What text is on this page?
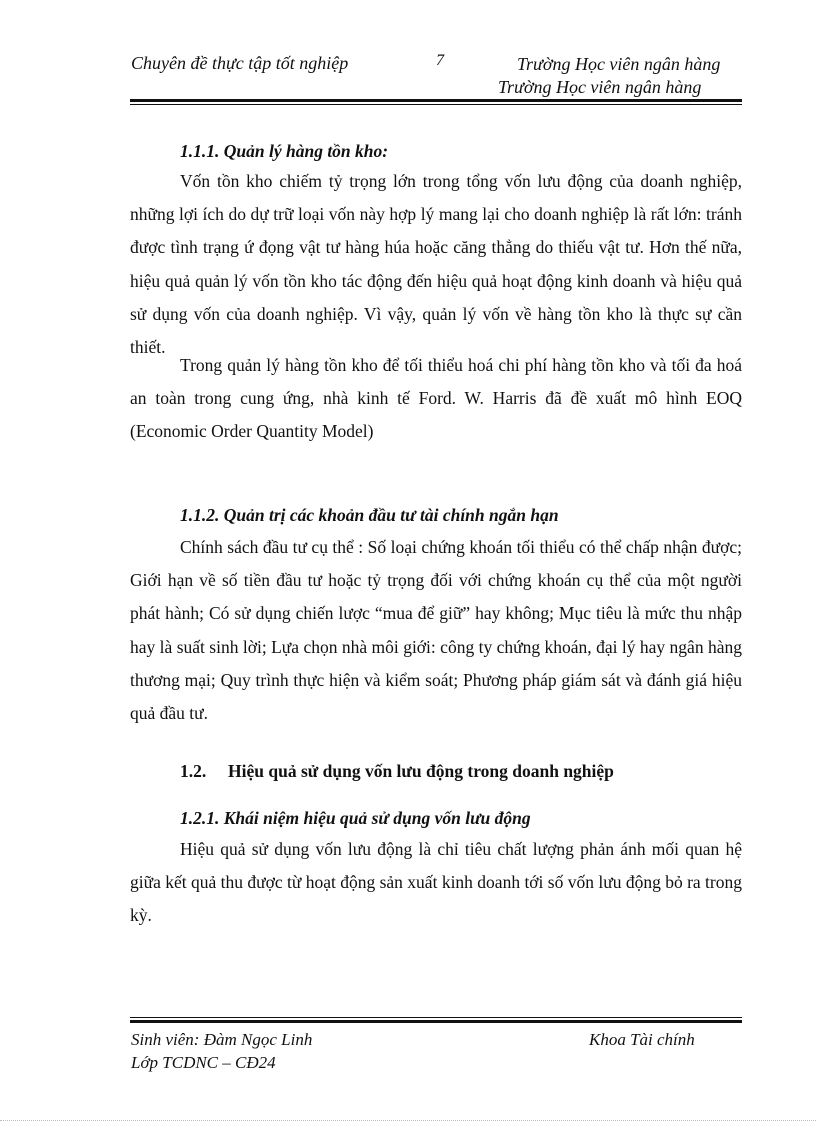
Chuyên đề thực tập tốt nghiệp	7	Trường Học viên ngân hàng
Trường Học viên ngân hàng
1.1.1. Quản lý hàng tồn kho:

Vốn tồn kho chiếm tỷ trọng lớn trong tổng vốn lưu động của doanh nghiệp, những lợi ích do dự trữ loại vốn này hợp lý mang lại cho doanh nghiệp là rất lớn: tránh được tình trạng ứ đọng vật tư hàng húa hoặc căng thẳng do thiếu vật tư. Hơn thế nữa, hiệu quả quản lý vốn tồn kho tác động đến hiệu quả hoạt động kinh doanh và hiệu quả sử dụng vốn của doanh nghiệp. Vì vậy, quản lý vốn về hàng tồn kho là thực sự cần thiết.

Trong quản lý hàng tồn kho để tối thiểu hoá chi phí hàng tồn kho và tối đa hoá an toàn trong cung ứng, nhà kinh tế Ford. W. Harris đã đề xuất mô hình EOQ (Economic Order Quantity Model)

1.1.2. Quản trị các khoản đầu tư tài chính ngắn hạn

Chính sách đầu tư cụ thể : Số loại chứng khoán tối thiểu có thể chấp nhận được; Giới hạn về số tiền đầu tư hoặc tỷ trọng đối với chứng khoán cụ thể của một người phát hành; Có sử dụng chiến lược “mua để giữ” hay không; Mục tiêu là mức thu nhập hay là suất sinh lời; Lựa chọn nhà môi giới: công ty chứng khoán, đại lý hay ngân hàng thương mại; Quy trình thực hiện và kiểm soát; Phương pháp giám sát và đánh giá hiệu quả đầu tư.

1.2. Hiệu quả sử dụng vốn lưu động trong doanh nghiệp
1.2.1. Khái niệm hiệu quả sử dụng vốn lưu động

Hiệu quả sử dụng vốn lưu động là chỉ tiêu chất lượng phản ánh mối quan hệ giữa kết quả thu được từ hoạt động sản xuất kinh doanh tới số vốn lưu động bỏ ra trong kỳ.

Sinh viên: Đàm Ngọc Linh
Lớp TCDNC – CĐ24
Khoa Tài chính
